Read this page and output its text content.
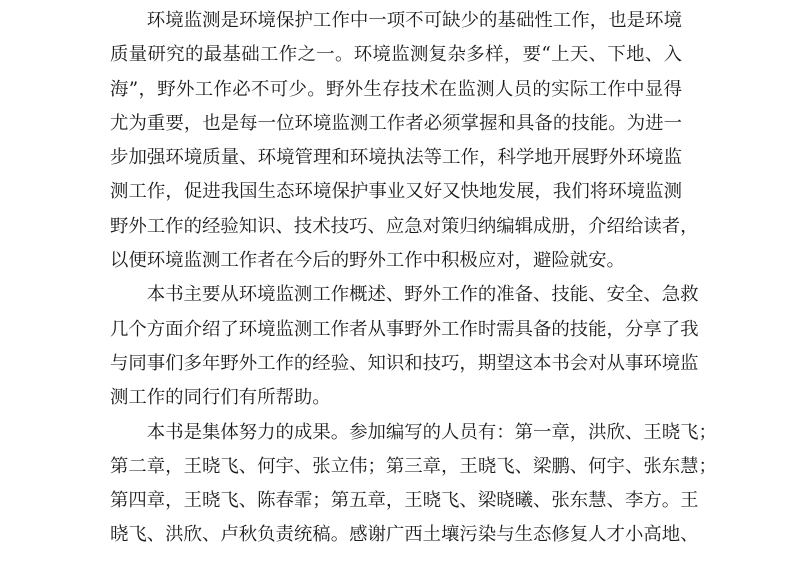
环境监测是环境保护工作中一项不可缺少的基础性工作，也是环境
质量研究的最基础工作之一。环境监测复杂多样，要“上天、下地、入
海”，野外工作必不可少。野外生存技术在监测人员的实际工作中显得
尤为重要，也是每一位环境监测工作者必须掌握和具备的技能。为进一
步加强环境质量、环境管理和环境执法等工作，科学地开展野外环境监
测工作，促进我国生态环境保护事业又好又快地发展，我们将环境监测
野外工作的经验知识、技术技巧、应急对策归纳编辑成册，介绍给读者，
以便环境监测工作者在今后的野外工作中积极应对，避险就安。
本书主要从环境监测工作概述、野外工作的准备、技能、安全、急救
几个方面介绍了环境监测工作者从事野外工作时需具备的技能，分享了我
与同事们多年野外工作的经验、知识和技巧，期望这本书会对从事环境监
测工作的同行们有所帮助。
本书是集体努力的成果。参加编写的人员有：第一章，洪欣、王晓飞；
第二章，王晓飞、何宇、张立伟；第三章，王晓飞、梁鹏、何宇、张东慧；
第四章，王晓飞、陈春霏；第五章，王晓飞、梁晓曦、张东慧、李方。王
晓飞、洪欣、卢秋负责统稿。感谢广西土壤污染与生态修复人才小高地、
